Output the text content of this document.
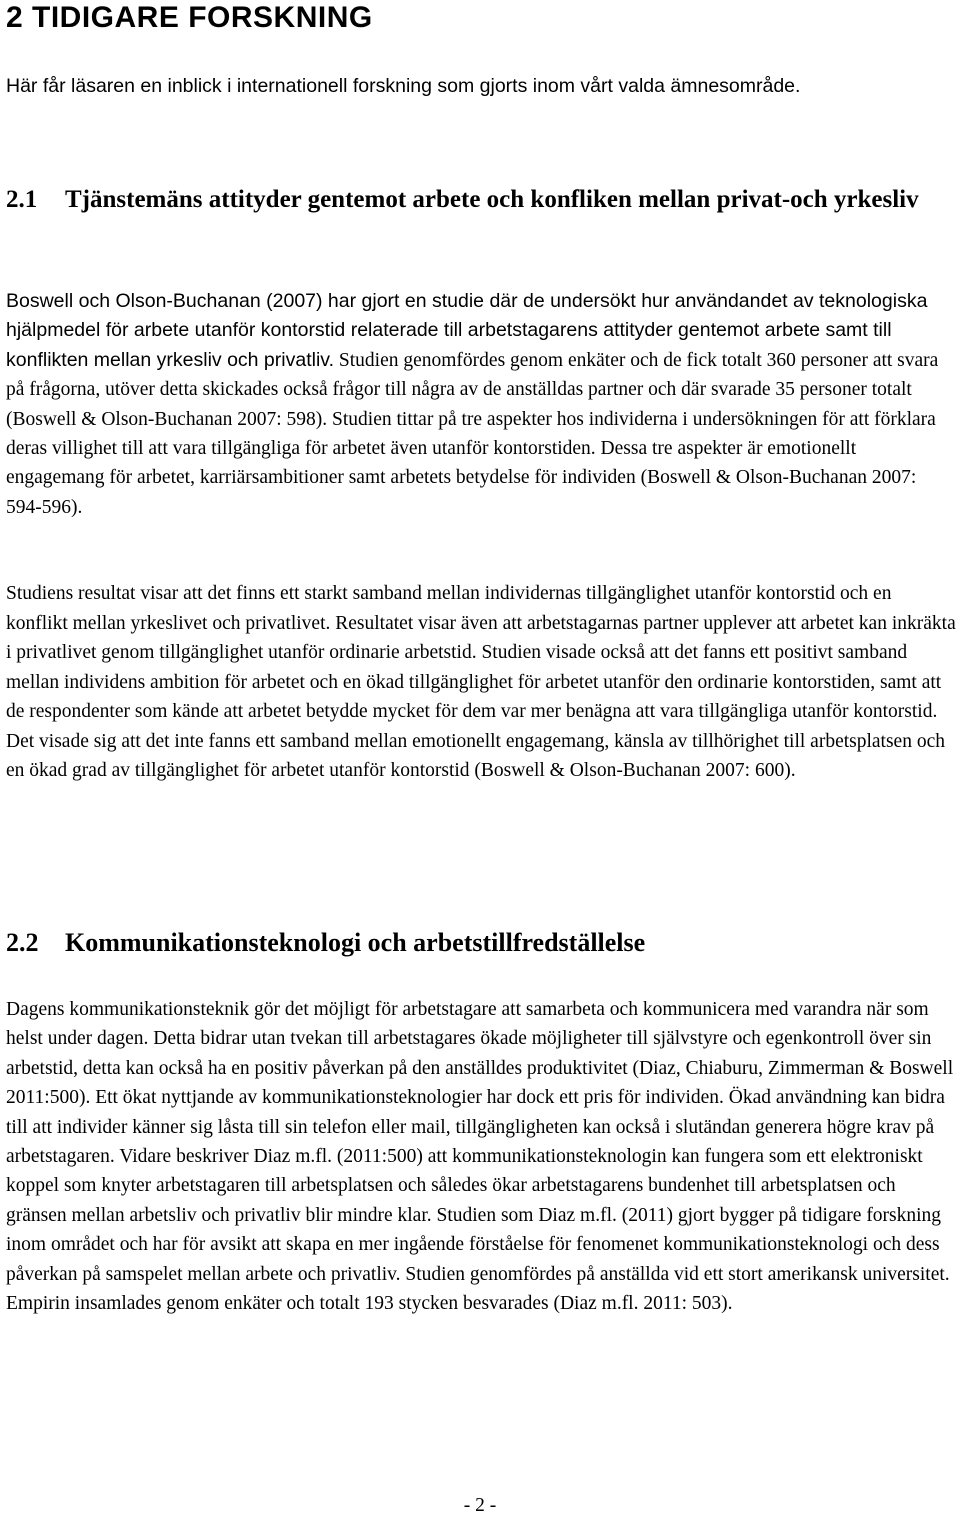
2 TIDIGARE FORSKNING

Här får läsaren en inblick i internationell forskning som gjorts inom vårt valda ämnesområde.

2.1 Tjänstemäns attityder gentemot arbete och konfliken mellan privat-och yrkesliv

Boswell och Olson-Buchanan (2007) har gjort en studie där de undersökt hur användandet av teknologiska hjälpmedel för arbete utanför kontorstid relaterade till arbetstagarens attityder gentemot arbete samt till konflikten mellan yrkesliv och privatliv. Studien genomfördes genom enkäter och de fick totalt 360 personer att svara på frågorna, utöver detta skickades också frågor till några av de anställdas partner och där svarade 35 personer totalt (Boswell & Olson-Buchanan 2007: 598). Studien tittar på tre aspekter hos individerna i undersökningen för att förklara deras villighet till att vara tillgängliga för arbetet även utanför kontorstiden. Dessa tre aspekter är emotionellt engagemang för arbetet, karriärsambitioner samt arbetets betydelse för individen (Boswell & Olson-Buchanan 2007: 594-596).

Studiens resultat visar att det finns ett starkt samband mellan individernas tillgänglighet utanför kontorstid och en konflikt mellan yrkeslivet och privatlivet. Resultatet visar även att arbetstagarnas partner upplever att arbetet kan inkräkta i privatlivet genom tillgänglighet utanför ordinarie arbetstid. Studien visade också att det fanns ett positivt samband mellan individens ambition för arbetet och en ökad tillgänglighet för arbetet utanför den ordinarie kontorstiden, samt att de respondenter som kände att arbetet betydde mycket för dem var mer benägna att vara tillgängliga utanför kontorstid. Det visade sig att det inte fanns ett samband mellan emotionellt engagemang, känsla av tillhörighet till arbetsplatsen och en ökad grad av tillgänglighet för arbetet utanför kontorstid (Boswell & Olson-Buchanan 2007: 600).

2.2 Kommunikationsteknologi och arbetstillfredställelse

Dagens kommunikationsteknik gör det möjligt för arbetstagare att samarbeta och kommunicera med varandra när som helst under dagen. Detta bidrar utan tvekan till arbetstagares ökade möjligheter till självstyre och egenkontroll över sin arbetstid, detta kan också ha en positiv påverkan på den anställdes produktivitet (Diaz, Chiaburu, Zimmerman & Boswell 2011:500). Ett ökat nyttjande av kommunikationsteknologier har dock ett pris för individen. Ökad användning kan bidra till att individer känner sig låsta till sin telefon eller mail, tillgängligheten kan också i slutändan generera högre krav på arbetstagaren. Vidare beskriver Diaz m.fl. (2011:500) att kommunikationsteknologin kan fungera som ett elektroniskt koppel som knyter arbetstagaren till arbetsplatsen och således ökar arbetstagarens bundenhet till arbetsplatsen och gränsen mellan arbetsliv och privatliv blir mindre klar. Studien som Diaz m.fl. (2011) gjort bygger på tidigare forskning inom området och har för avsikt att skapa en mer ingående förståelse för fenomenet kommunikationsteknologi och dess påverkan på samspelet mellan arbete och privatliv. Studien genomfördes på anställda vid ett stort amerikansk universitet. Empirin insamlades genom enkäter och totalt 193 stycken besvarades (Diaz m.fl. 2011: 503).

- 2 -
